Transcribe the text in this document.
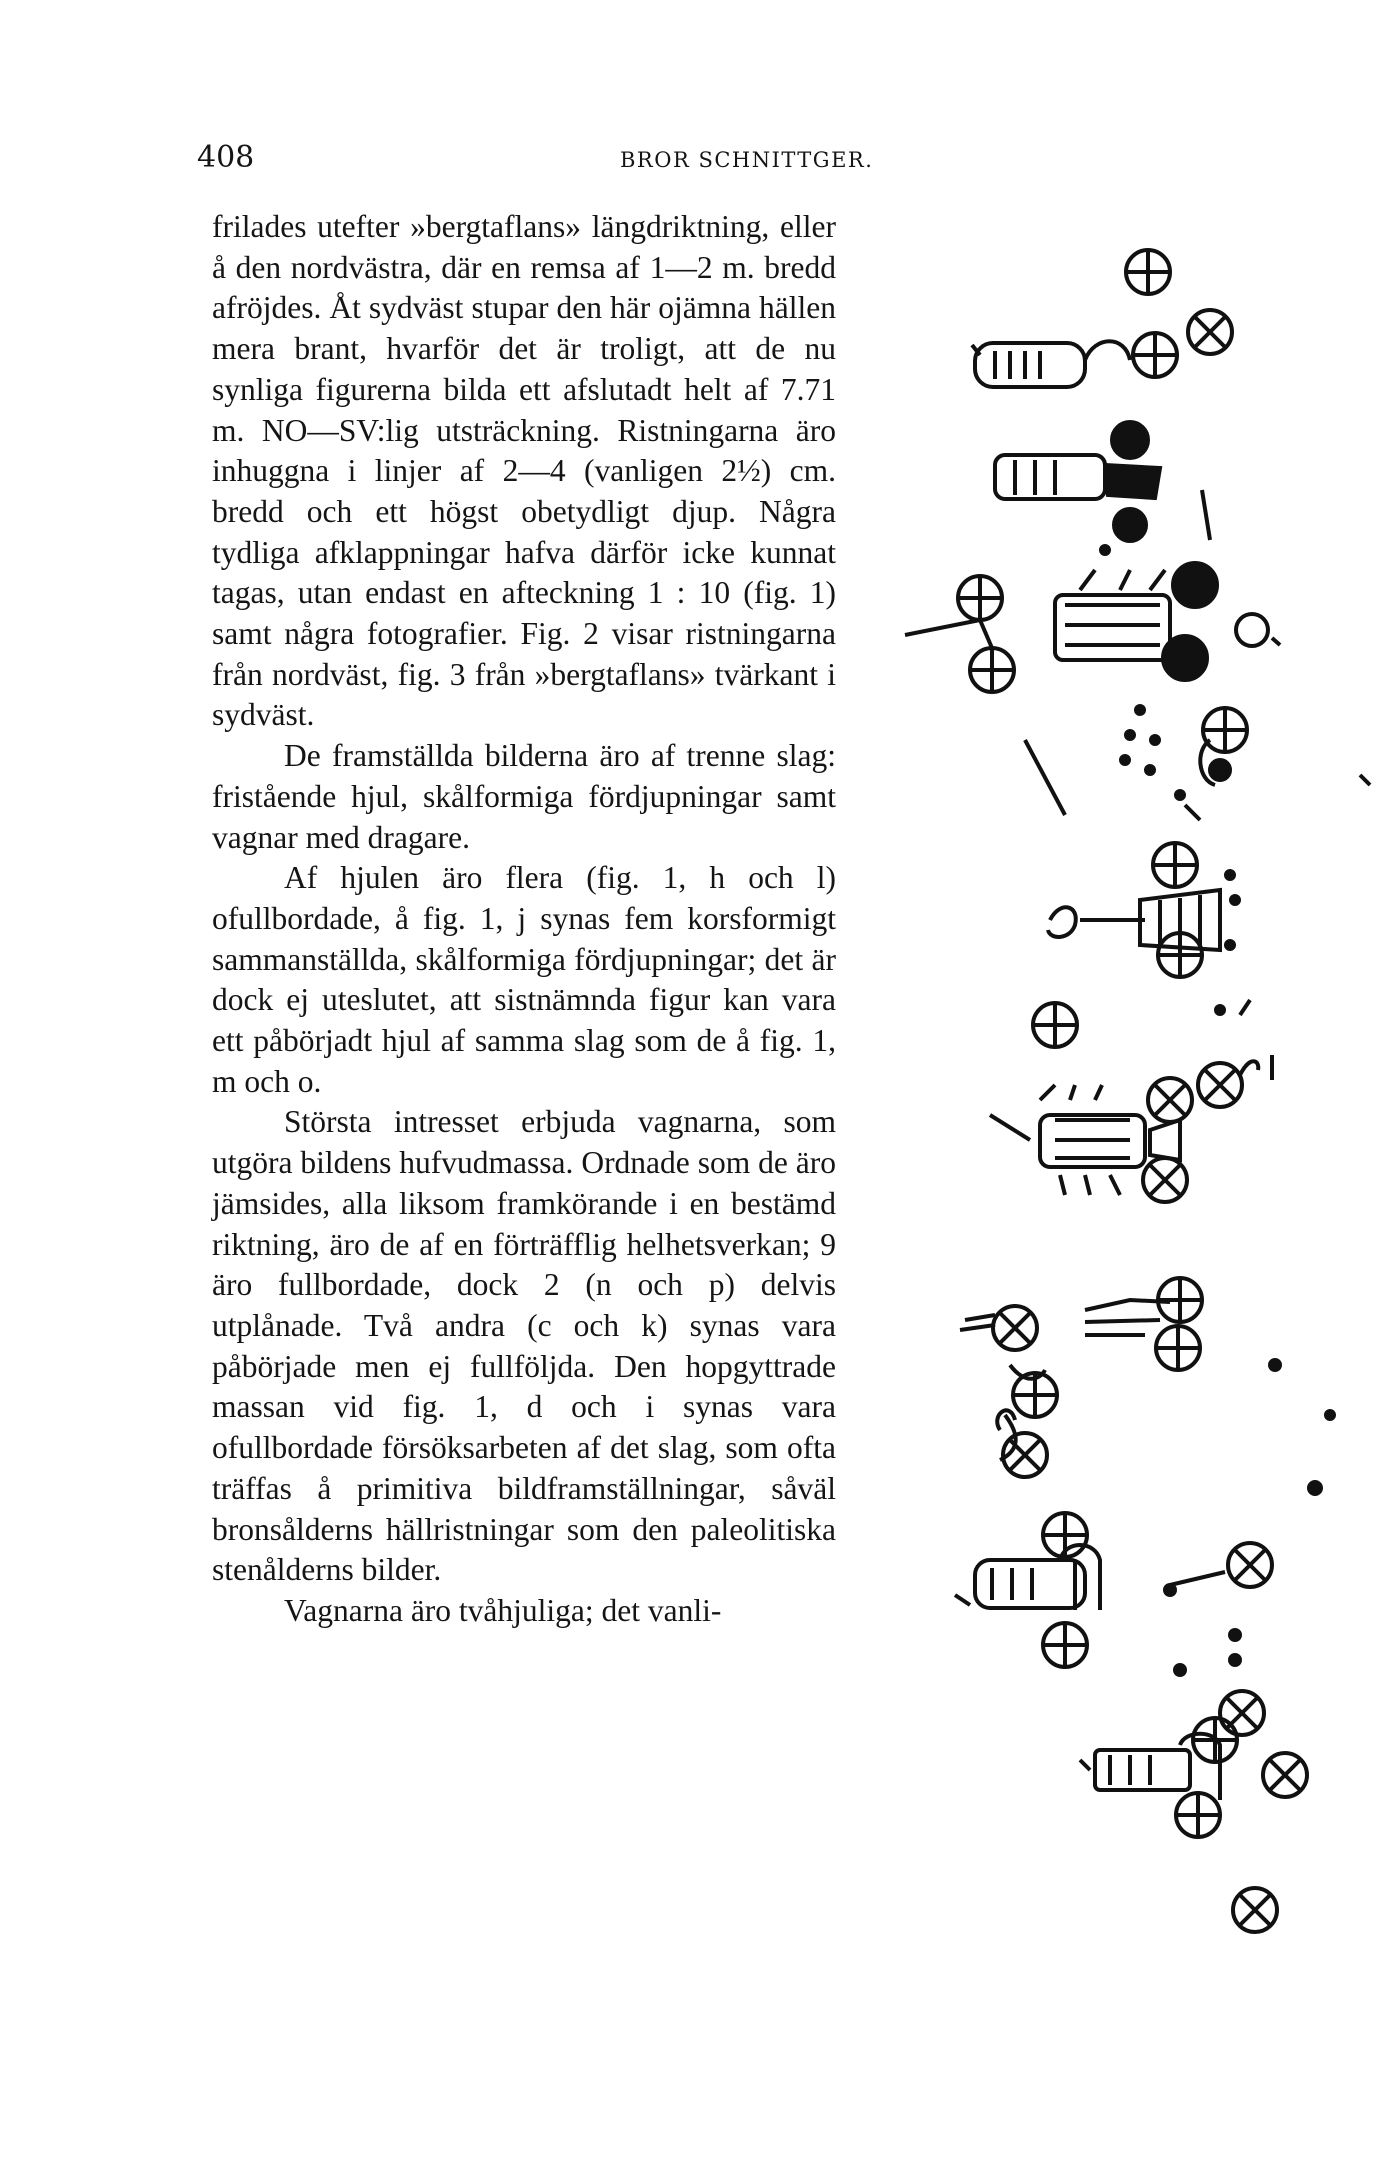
408	BROR SCHNITTGER.

frilades utefter »bergtaflans» längdriktning, eller å den nordvästra, där en remsa af 1—2 m. bredd afröjdes. Åt sydväst stupar den här ojämna hällen mera brant, hvarför det är troligt, att de nu synliga figurerna bilda ett afslutadt helt af 7.71 m. NO—SV:lig utsträckning. Ristningarna äro inhuggna i linjer af 2—4 (vanligen 2½) cm. bredd och ett högst obetydligt djup. Några tydliga afklappningar hafva därför icke kunnat tagas, utan endast en afteckning 1 : 10 (fig. 1) samt några fotografier. Fig. 2 visar ristningarna från nordväst, fig. 3 från »bergtaflans» tvärkant i sydväst.

De framställda bilderna äro af trenne slag: fristående hjul, skålformiga fördjupningar samt vagnar med dragare.

Af hjulen äro flera (fig. 1, h och l) ofullbordade, å fig. 1, j synas fem korsformigt sammanställda, skålformiga fördjupningar; det är dock ej uteslutet, att sistnämnda figur kan vara ett påbörjadt hjul af samma slag som de å fig. 1, m och o.

Största intresset erbjuda vagnarna, som utgöra bildens hufvudmassa. Ordnade som de äro jämsides, alla liksom framkörande i en bestämd riktning, äro de af en förträfflig helhetsverkan; 9 äro fullbordade, dock 2 (n och p) delvis utplånade. Två andra (c och k) synas vara påbörjade men ej fullföljda. Den hopgyttrade massan vid fig. 1, d och i synas vara ofullbordade försöksarbeten af det slag, som ofta träffas å primitiva bildframställningar, såväl bronsålderns hällristningar som den paleolitiska stenålderns bilder.

Vagnarna äro tvåhjuliga; det vanli-
